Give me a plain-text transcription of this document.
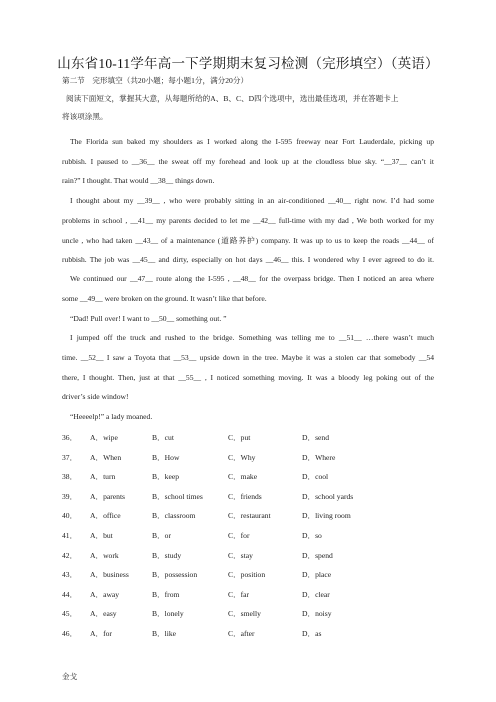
山东省10-11学年高一下学期期末复习检测（完形填空）（英语）
第二节　完形填空（共20小题；每小题1分，满分20分）
阅读下面短文，掌握其大意，从每题所给的A、B、C、D四个选项中，选出最佳选项，并在答题卡上
将该项涂黑。
The Florida sun baked my shoulders as I worked along the I-595 freeway near Fort Lauderdale, picking up
rubbish. I paused to __36__ the sweat off my forehead and look up at the cloudless blue sky. “__37__ can’t it
rain?” I thought. That would __38__ things down.
I thought about my __39__ , who were probably sitting in an air-conditioned __40__ right now. I’d had some
problems in school , __41__ my parents decided to let me __42__ full-time with my dad , We both worked for my
uncle , who had taken __43__ of a maintenance (道路养护) company. It was up to us to keep the roads __44__ of
rubbish. The job was __45__ and dirty, especially on hot days __46__ this. I wondered why I ever agreed to do it.
We continued our __47__ route along the I-595 , __48__ for the overpass bridge. Then I noticed an area where
some __49__ were broken on the ground. It wasn’t like that before.
“Dad! Pull over! I want to __50__ something out. ”
I jumped off the truck and rushed to the bridge. Something was telling me to __51__ …there wasn’t much
time. __52__ I saw a Toyota that __53__ upside down in the tree. Maybe it was a stolen car that somebody __54
there, I thought. Then, just at that __55__ , I noticed something moving. It was a bloody leg poking out of the
driver’s side window!
“Heeeelp!” a lady moaned.
36． A．wipe	B．cut	C．put	D．send
37． A．When	B．How	C．Why	D．Where
38． A．turn	B．keep	C．make	D．cool
39． A．parents	B．school times	C．friends	D．school yards
40． A．office	B．classroom	C．restaurant	D．living room
41． A．but	B．or	C．for	D．so
42． A．work	B．study	C．stay	D．spend
43． A．business	B．possession	C．position	D．place
44． A．away	B．from	C．far	D．clear
45． A．easy	B．lonely	C．smelly	D．noisy
46． A．for	B．like	C．after	D．as
金戈
